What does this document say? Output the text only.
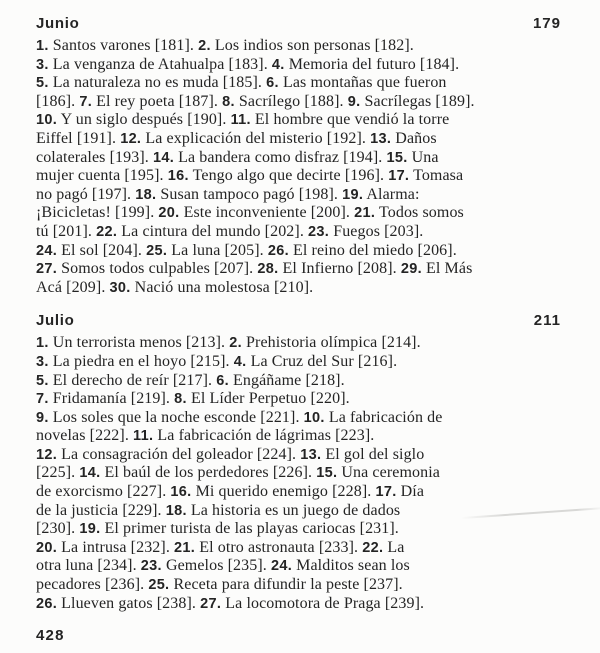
Junio	179
1. Santos varones [181]. 2. Los indios son personas [182].
3. La venganza de Atahualpa [183]. 4. Memoria del futuro [184].
5. La naturaleza no es muda [185]. 6. Las montañas que fueron
[186]. 7. El rey poeta [187]. 8. Sacrílego [188]. 9. Sacrílegas [189].
10. Y un siglo después [190]. 11. El hombre que vendió la torre
Eiffel [191]. 12. La explicación del misterio [192]. 13. Daños
colaterales [193]. 14. La bandera como disfraz [194]. 15. Una
mujer cuenta [195]. 16. Tengo algo que decirte [196]. 17. Tomasa
no pagó [197]. 18. Susan tampoco pagó [198]. 19. Alarma:
¡Bicicletas! [199]. 20. Este inconveniente [200]. 21. Todos somos
tú [201]. 22. La cintura del mundo [202]. 23. Fuegos [203].
24. El sol [204]. 25. La luna [205]. 26. El reino del miedo [206].
27. Somos todos culpables [207]. 28. El Infierno [208]. 29. El Más
Acá [209]. 30. Nació una molestosa [210].
Julio	211
1. Un terrorista menos [213]. 2. Prehistoria olímpica [214].
3. La piedra en el hoyo [215]. 4. La Cruz del Sur [216].
5. El derecho de reír [217]. 6. Engáñame [218].
7. Fridamanía [219]. 8. El Líder Perpetuo [220].
9. Los soles que la noche esconde [221]. 10. La fabricación de
novelas [222]. 11. La fabricación de lágrimas [223].
12. La consagración del goleador [224]. 13. El gol del siglo
[225]. 14. El baúl de los perdedores [226]. 15. Una ceremonia
de exorcismo [227]. 16. Mi querido enemigo [228]. 17. Día
de la justicia [229]. 18. La historia es un juego de dados
[230]. 19. El primer turista de las playas cariocas [231].
20. La intrusa [232]. 21. El otro astronauta [233]. 22. La
otra luna [234]. 23. Gemelos [235]. 24. Malditos sean los
pecadores [236]. 25. Receta para difundir la peste [237].
26. Llueven gatos [238]. 27. La locomotora de Praga [239].
428
